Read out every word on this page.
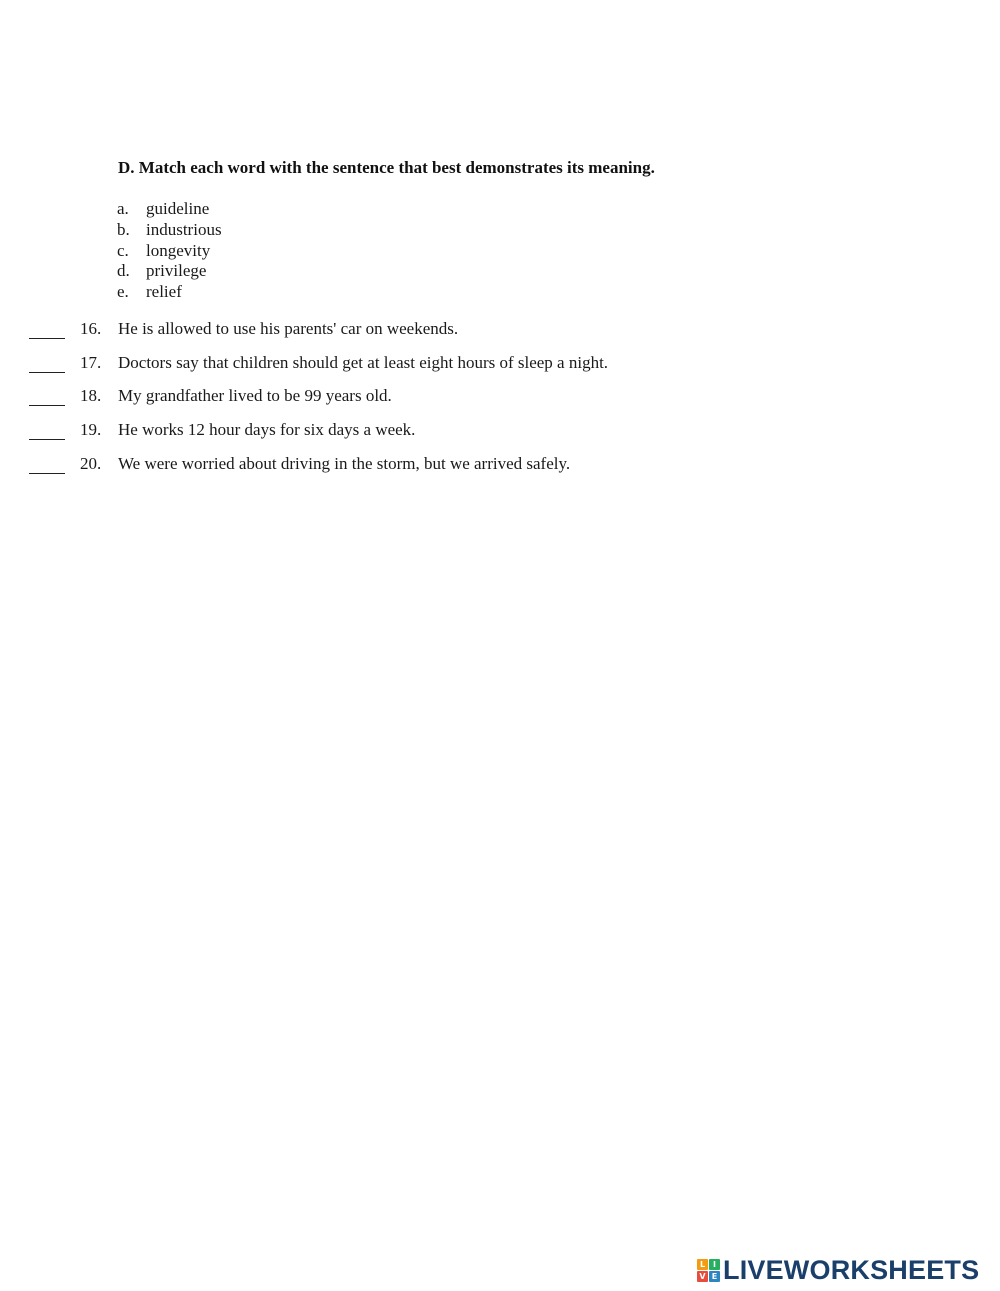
D. Match each word with the sentence that best demonstrates its meaning.
a. guideline
b. industrious
c. longevity
d. privilege
e. relief
16. He is allowed to use his parents' car on weekends.
17. Doctors say that children should get at least eight hours of sleep a night.
18. My grandfather lived to be 99 years old.
19. He works 12 hour days for six days a week.
20. We were worried about driving in the storm, but we arrived safely.
L I
V E LIVEWORKSHEETS
